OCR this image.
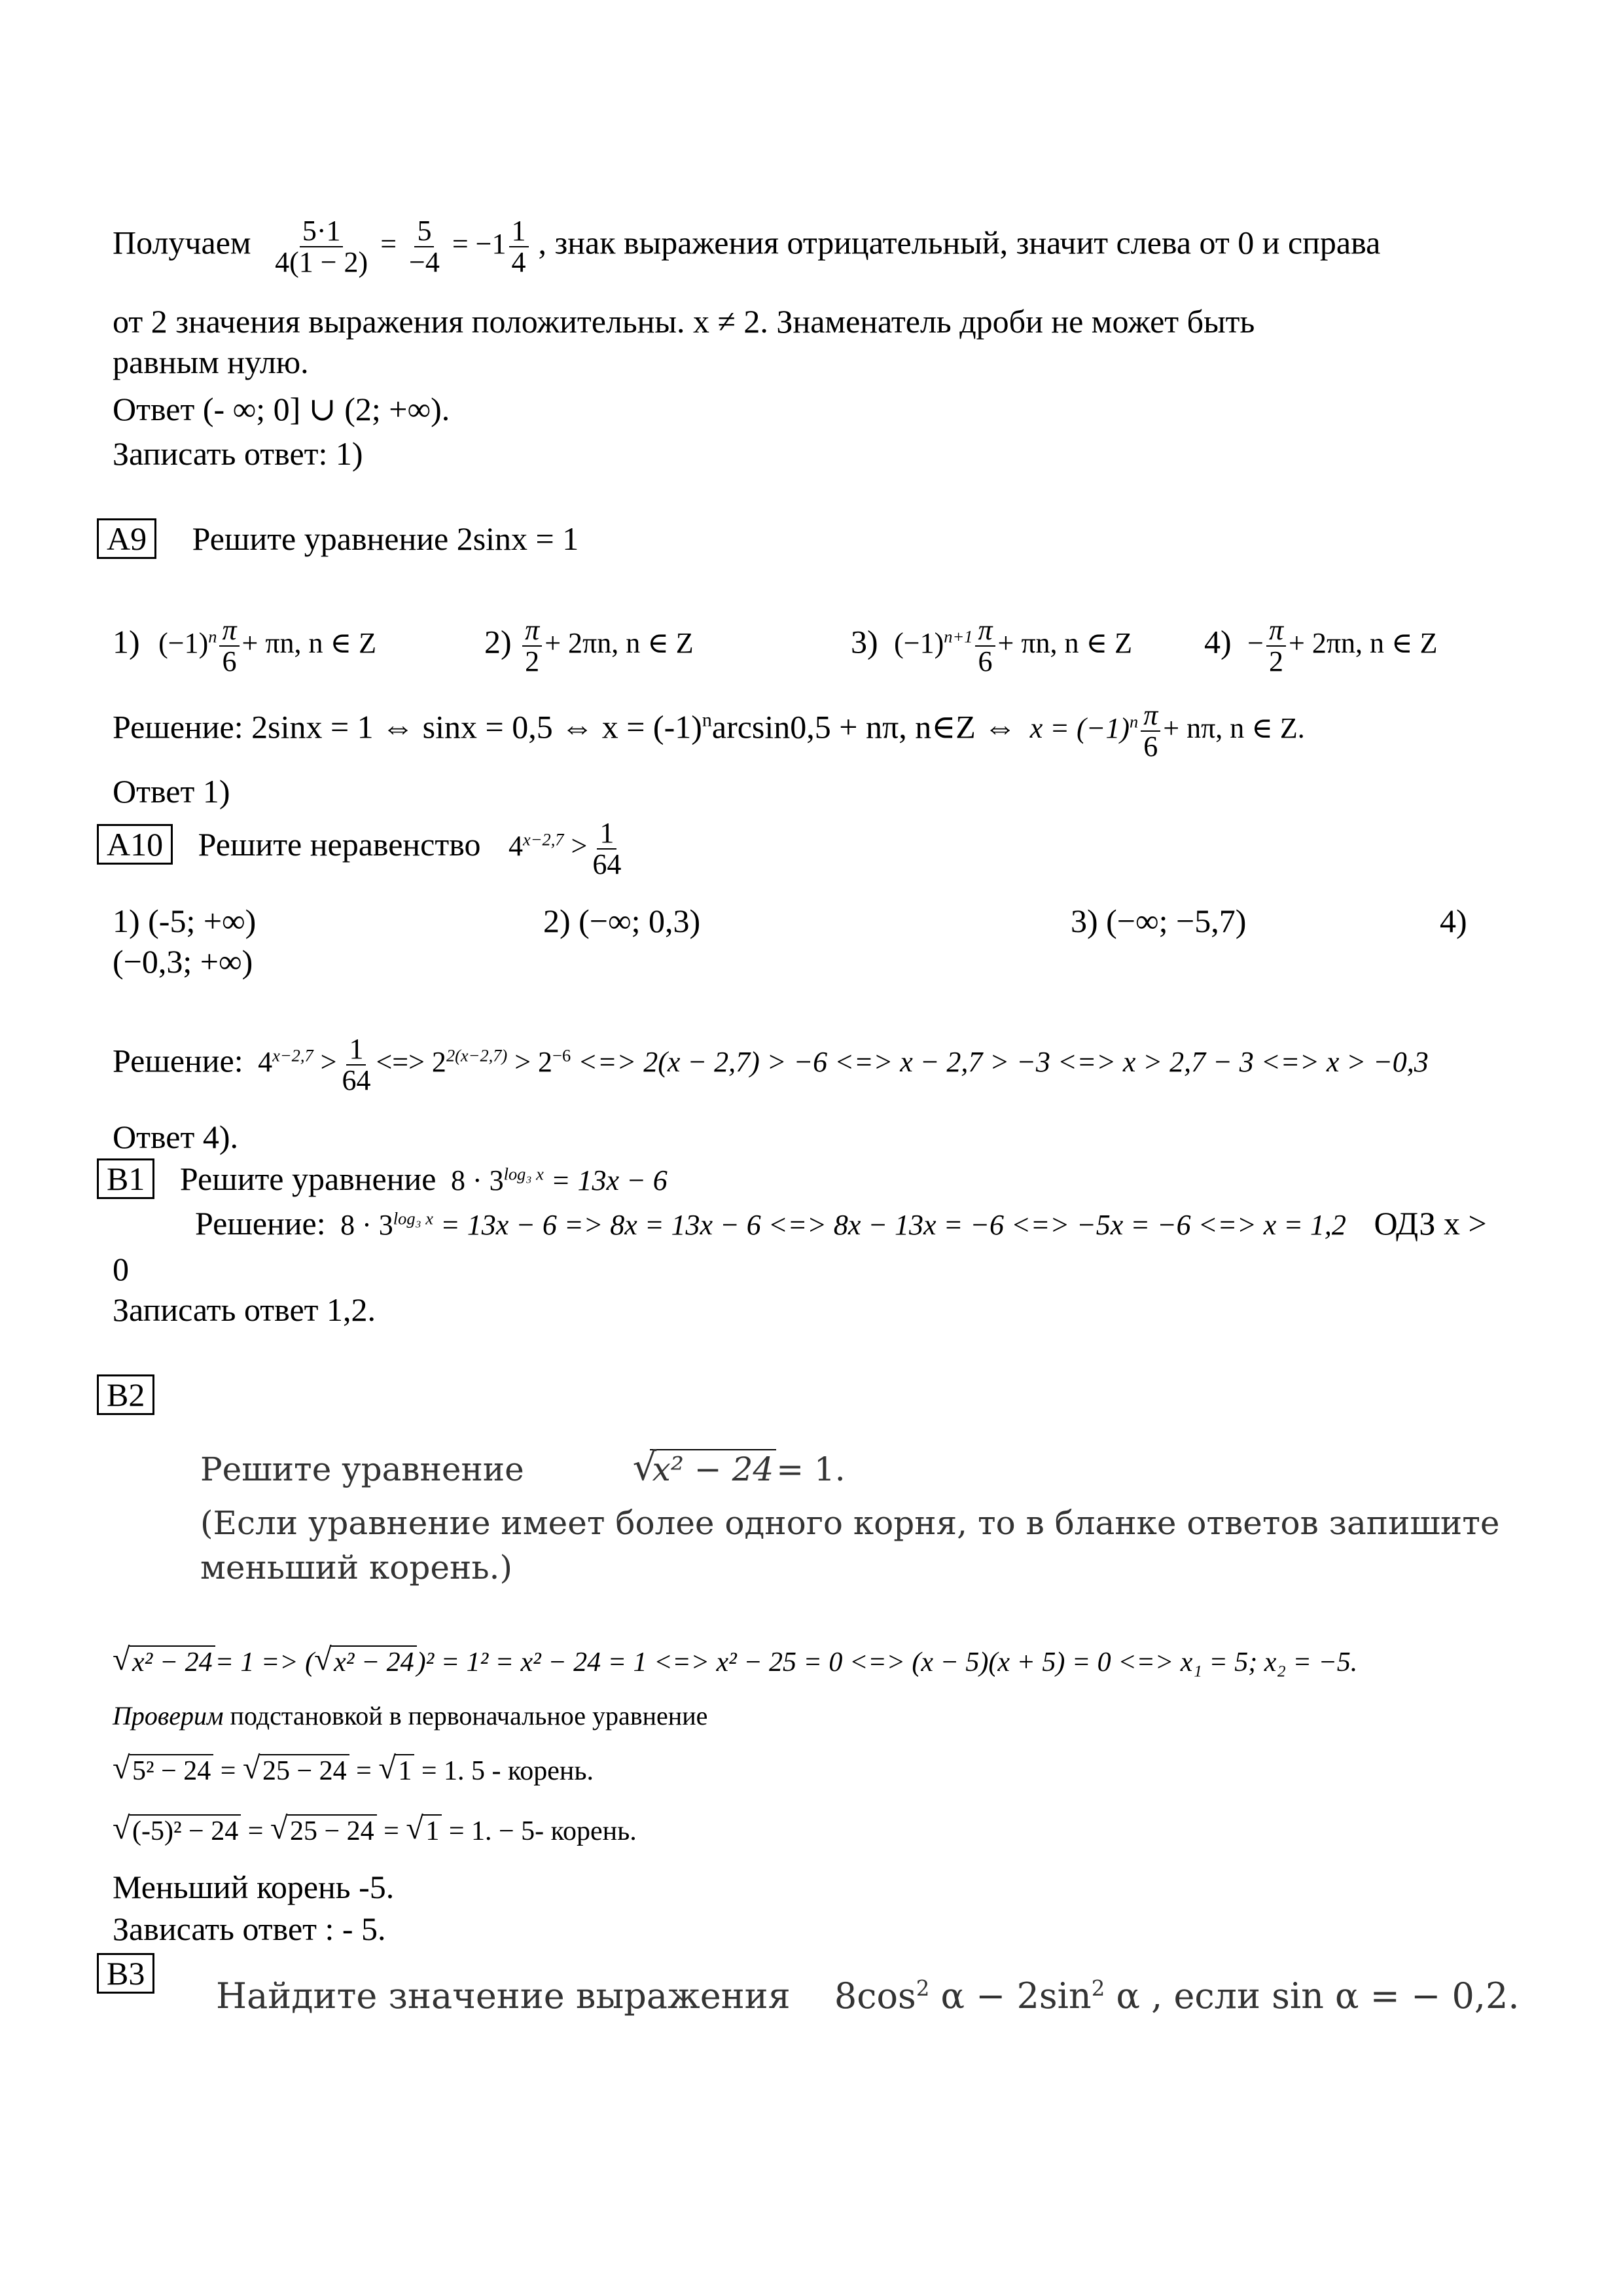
Получаем $\frac{5\cdot 1}{4(1 - 2)} = \frac{5}{-4} = -1 \frac{1}{4}$ , знак выражения отрицательный, значит слева от 0 и справа
от 2 значения выражения положительны. x ≠ 2. Знаменатель дроби не может быть
равным нулю.
Ответ (- ∞; 0] ∪ (2; +∞).
Записать ответ: 1)
А9 Решите уравнение 2sinx = 1
1) $(-1)^n \frac{\pi}{6} + \pi n$, n ∈ Z	$2) \frac{\pi}{2} + 2\pi n$, n ∈ Z	3) $(-1)^{n+1} \frac{\pi}{6} + \pi n$, n ∈ Z $4) - \frac{\pi}{2} + 2\pi n$, n ∈ Z
Решение: 2sinx = 1 ⇔ sinx = 0,5 ⇔ $x = (-1)^n\arcsin 0,5 + n\pi$, n∈Z ⇔ $x = (-1)^n \frac{\pi}{6} + n\pi$, n ∈ Z.
Ответ 1)
А10 Решите неравенство $4^{x-2,7} > \frac{1}{64}$
1) (-5; +∞)	2) (−∞; 0,3)	3) (−∞; −5,7)	4)
(−0,3; +∞)
Решение: $4^{x-2,7} > \frac{1}{64}$ <=> $2^{2(x-2,7)} > 2^{-6}$ <=> 2(x − 2,7) > −6 <=> x − 2,7 > −3 <=> x > 2,7 − 3 <=> x > −0,3
Ответ 4).
В1 Решите уравнение $8 \cdot 3^{log_3 x} = 13x - 6$
Решение: $8 \cdot 3^{log_3 x} = 13x - 6 => 8x = 13x - 6$ <=> 8x − 13x = −6 <=> −5x = −6 <=> x = 1,2 ОДЗ x >
0
Записать ответ 1,2.
В2
Решите уравнение	√ x² − 24= 1.
(Если уравнение имеет более одного корня, то в бланке ответов запишите
меньший корень.)
√ x² − 24= 1 => ( √ x² − 24)² = 1² = x² − 24 = 1 <=> x² − 25 = 0 <=> (x − 5)(x + 5) = 0 <=> x₁ = 5; x₂ = −5.
Проверим подстановкой в первоначальное уравнение
√ 5² − 24 = √ 25 − 24 = √ 1 = 1. 5 - корень.
√ (-5)² − 24 = √ 25 − 24 = √ 1 = 1. − 5- корень.
Меньший корень -5.
Зависать ответ : - 5.
В3
Найдите значение выражения $8\cos^2$ $\alpha - 2\sin^2$ α , если sin α = − 0,2.
